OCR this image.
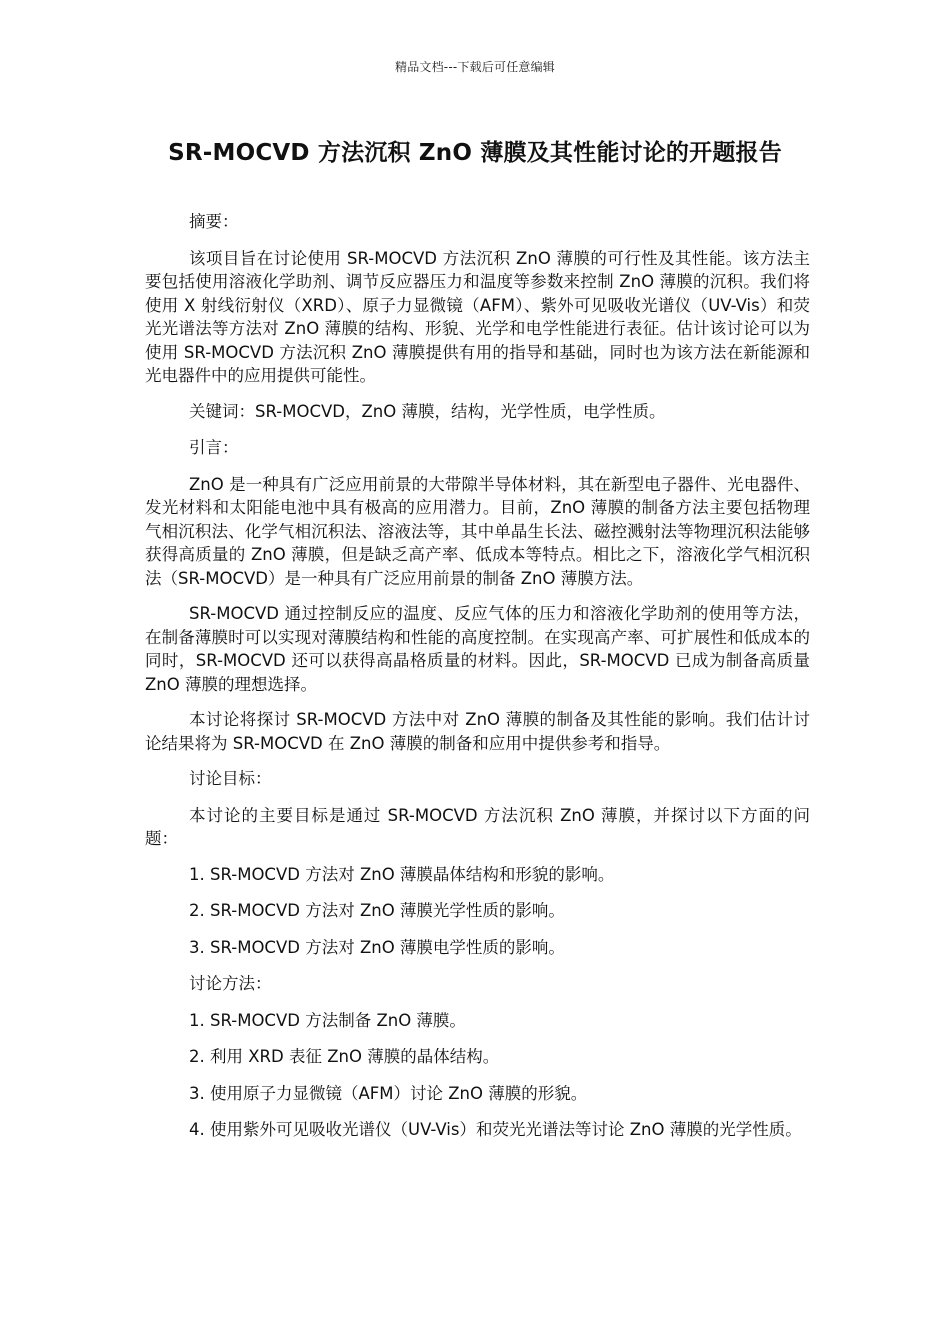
精品文档---下载后可任意编辑
SR-MOCVD 方法沉积 ZnO 薄膜及其性能讨论的开题报告

摘要：

该项目旨在讨论使用 SR-MOCVD 方法沉积 ZnO 薄膜的可行性及其性能。该方法主要包括使用溶液化学助剂、调节反应器压力和温度等参数来控制 ZnO 薄膜的沉积。我们将使用 X 射线衍射仪（XRD）、原子力显微镜（AFM）、紫外可见吸收光谱仪（UV-Vis）和荧光光谱法等方法对 ZnO 薄膜的结构、形貌、光学和电学性能进行表征。估计该讨论可以为使用 SR-MOCVD 方法沉积 ZnO 薄膜提供有用的指导和基础，同时也为该方法在新能源和光电器件中的应用提供可能性。

关键词：SR-MOCVD，ZnO 薄膜，结构，光学性质，电学性质。

引言：

ZnO 是一种具有广泛应用前景的大带隙半导体材料，其在新型电子器件、光电器件、发光材料和太阳能电池中具有极高的应用潜力。目前，ZnO 薄膜的制备方法主要包括物理气相沉积法、化学气相沉积法、溶液法等，其中单晶生长法、磁控溅射法等物理沉积法能够获得高质量的 ZnO 薄膜，但是缺乏高产率、低成本等特点。相比之下，溶液化学气相沉积法（SR-MOCVD）是一种具有广泛应用前景的制备 ZnO 薄膜方法。

SR-MOCVD 通过控制反应的温度、反应气体的压力和溶液化学助剂的使用等方法，在制备薄膜时可以实现对薄膜结构和性能的高度控制。在实现高产率、可扩展性和低成本的同时，SR-MOCVD 还可以获得高晶格质量的材料。因此，SR-MOCVD 已成为制备高质量 ZnO 薄膜的理想选择。

本讨论将探讨 SR-MOCVD 方法中对 ZnO 薄膜的制备及其性能的影响。我们估计讨论结果将为 SR-MOCVD 在 ZnO 薄膜的制备和应用中提供参考和指导。

讨论目标：

本讨论的主要目标是通过 SR-MOCVD 方法沉积 ZnO 薄膜，并探讨以下方面的问题：

1. SR-MOCVD 方法对 ZnO 薄膜晶体结构和形貌的影响。

2. SR-MOCVD 方法对 ZnO 薄膜光学性质的影响。

3. SR-MOCVD 方法对 ZnO 薄膜电学性质的影响。

讨论方法：

1. SR-MOCVD 方法制备 ZnO 薄膜。

2. 利用 XRD 表征 ZnO 薄膜的晶体结构。

3. 使用原子力显微镜（AFM）讨论 ZnO 薄膜的形貌。

4. 使用紫外可见吸收光谱仪（UV-Vis）和荧光光谱法等讨论 ZnO 薄膜的光学性质。
